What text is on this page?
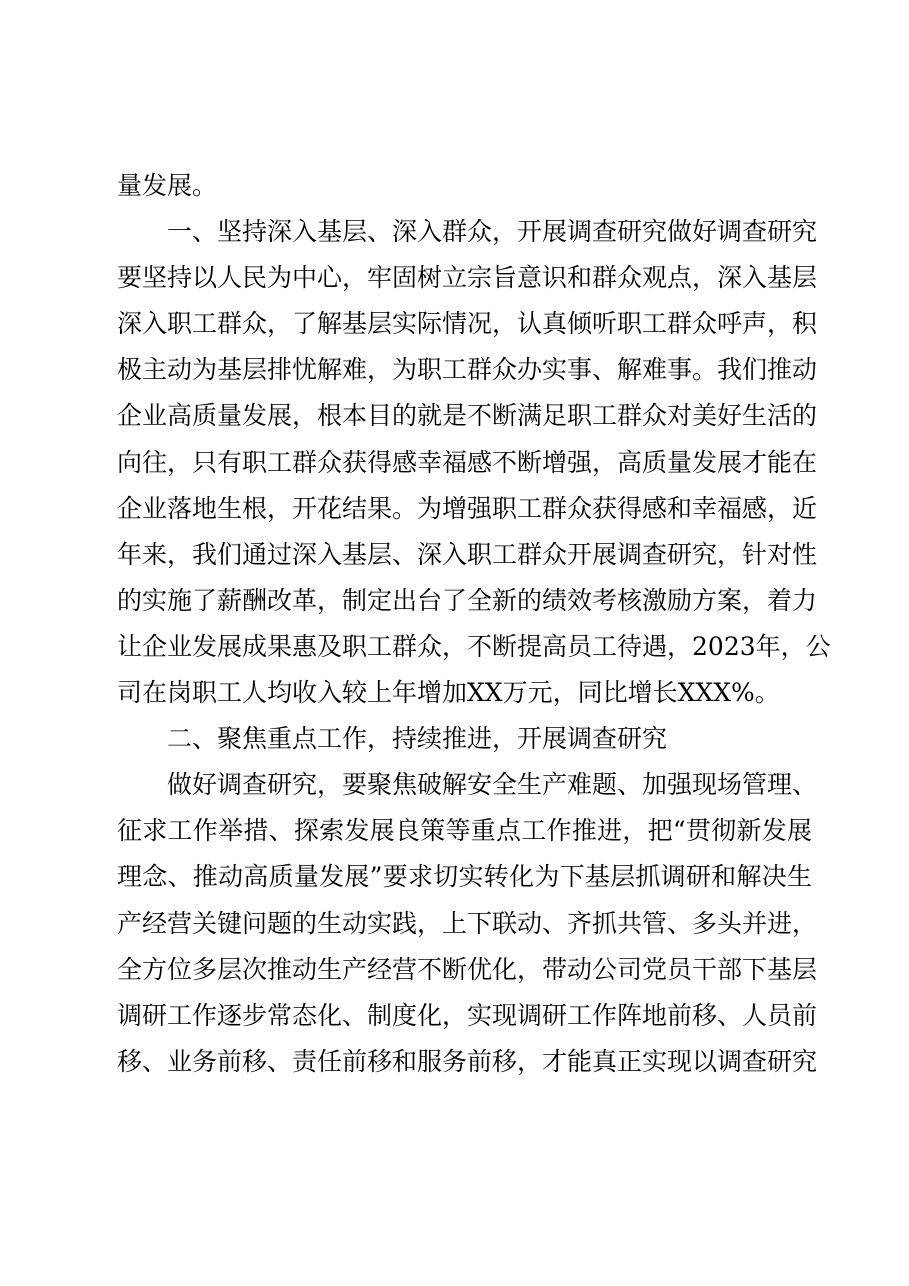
量发展。
一、坚持深入基层、深入群众，开展调查研究做好调查研究
要坚持以人民为中心，牢固树立宗旨意识和群众观点，深入基层
深入职工群众，了解基层实际情况，认真倾听职工群众呼声，积
极主动为基层排忧解难，为职工群众办实事、解难事。我们推动
企业高质量发展，根本目的就是不断满足职工群众对美好生活的
向往，只有职工群众获得感幸福感不断增强，高质量发展才能在
企业落地生根，开花结果。为增强职工群众获得感和幸福感，近
年来，我们通过深入基层、深入职工群众开展调查研究，针对性
的实施了薪酬改革，制定出台了全新的绩效考核激励方案，着力
让企业发展成果惠及职工群众，不断提高员工待遇，2023年，公
司在岗职工人均收入较上年增加XX万元，同比增长XXX%。
二、聚焦重点工作，持续推进，开展调查研究
做好调查研究，要聚焦破解安全生产难题、加强现场管理、
征求工作举措、探索发展良策等重点工作推进，把“贯彻新发展
理念、推动高质量发展”要求切实转化为下基层抓调研和解决生
产经营关键问题的生动实践，上下联动、齐抓共管、多头并进，
全方位多层次推动生产经营不断优化，带动公司党员干部下基层
调研工作逐步常态化、制度化，实现调研工作阵地前移、人员前
移、业务前移、责任前移和服务前移，才能真正实现以调查研究
